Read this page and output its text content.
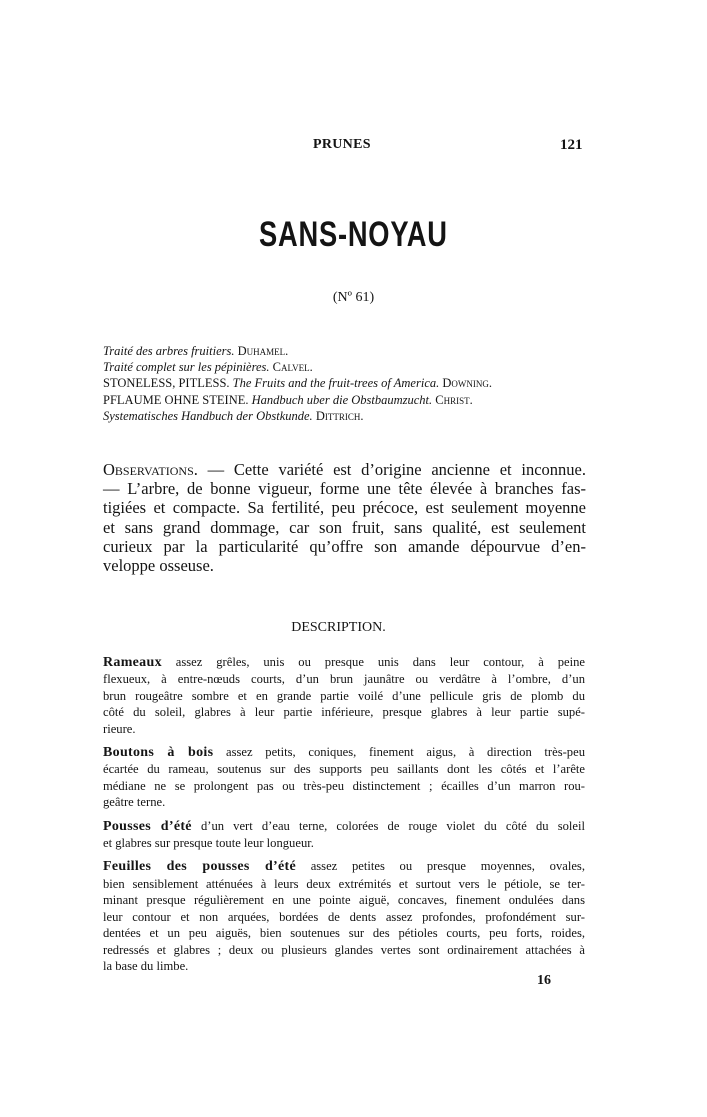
PRUNES	121
SANS-NOYAU
(Nº 61)
Traité des arbres fruitiers. Duhamel.
Traité complet sur les pépinières. Calvel.
STONELESS, PITLESS. The Fruits and the fruit-trees of America. Downing.
PFLAUME OHNE STEINE. Handbuch uber die Obstbaumzucht. Christ.
Systematisches Handbuch der Obstkunde. Dittrich.
Observations. — Cette variété est d’origine ancienne et inconnue.
— L’arbre, de bonne vigueur, forme une tête élevée à branches fas-
tigiées et compacte. Sa fertilité, peu précoce, est seulement moyenne
et sans grand dommage, car son fruit, sans qualité, est seulement
curieux par la particularité qu’offre son amande dépourvue d’en-
veloppe osseuse.
DESCRIPTION.

Rameaux assez grêles, unis ou presque unis dans leur contour, à peine
flexueux, à entre-nœuds courts, d’un brun jaunâtre ou verdâtre à l’ombre, d’un
brun rougeâtre sombre et en grande partie voilé d’une pellicule gris de plomb du
côté du soleil, glabres à leur partie inférieure, presque glabres à leur partie supé-
rieure.

Boutons à bois assez petits, coniques, finement aigus, à direction très-peu
écartée du rameau, soutenus sur des supports peu saillants dont les côtés et l’arête
médiane ne se prolongent pas ou très-peu distinctement ; écailles d’un marron rou-
geâtre terne.

Pousses d’été d’un vert d’eau terne, colorées de rouge violet du côté du soleil
et glabres sur presque toute leur longueur.

Feuilles des pousses d’été assez petites ou presque moyennes, ovales,
bien sensiblement atténuées à leurs deux extrémités et surtout vers le pétiole, se ter-
minant presque régulièrement en une pointe aiguë, concaves, finement ondulées dans
leur contour et non arquées, bordées de dents assez profondes, profondément sur-
dentées et un peu aiguës, bien soutenues sur des pétioles courts, peu forts, roides,
redressés et glabres ; deux ou plusieurs glandes vertes sont ordinairement attachées à
la base du limbe.

16
